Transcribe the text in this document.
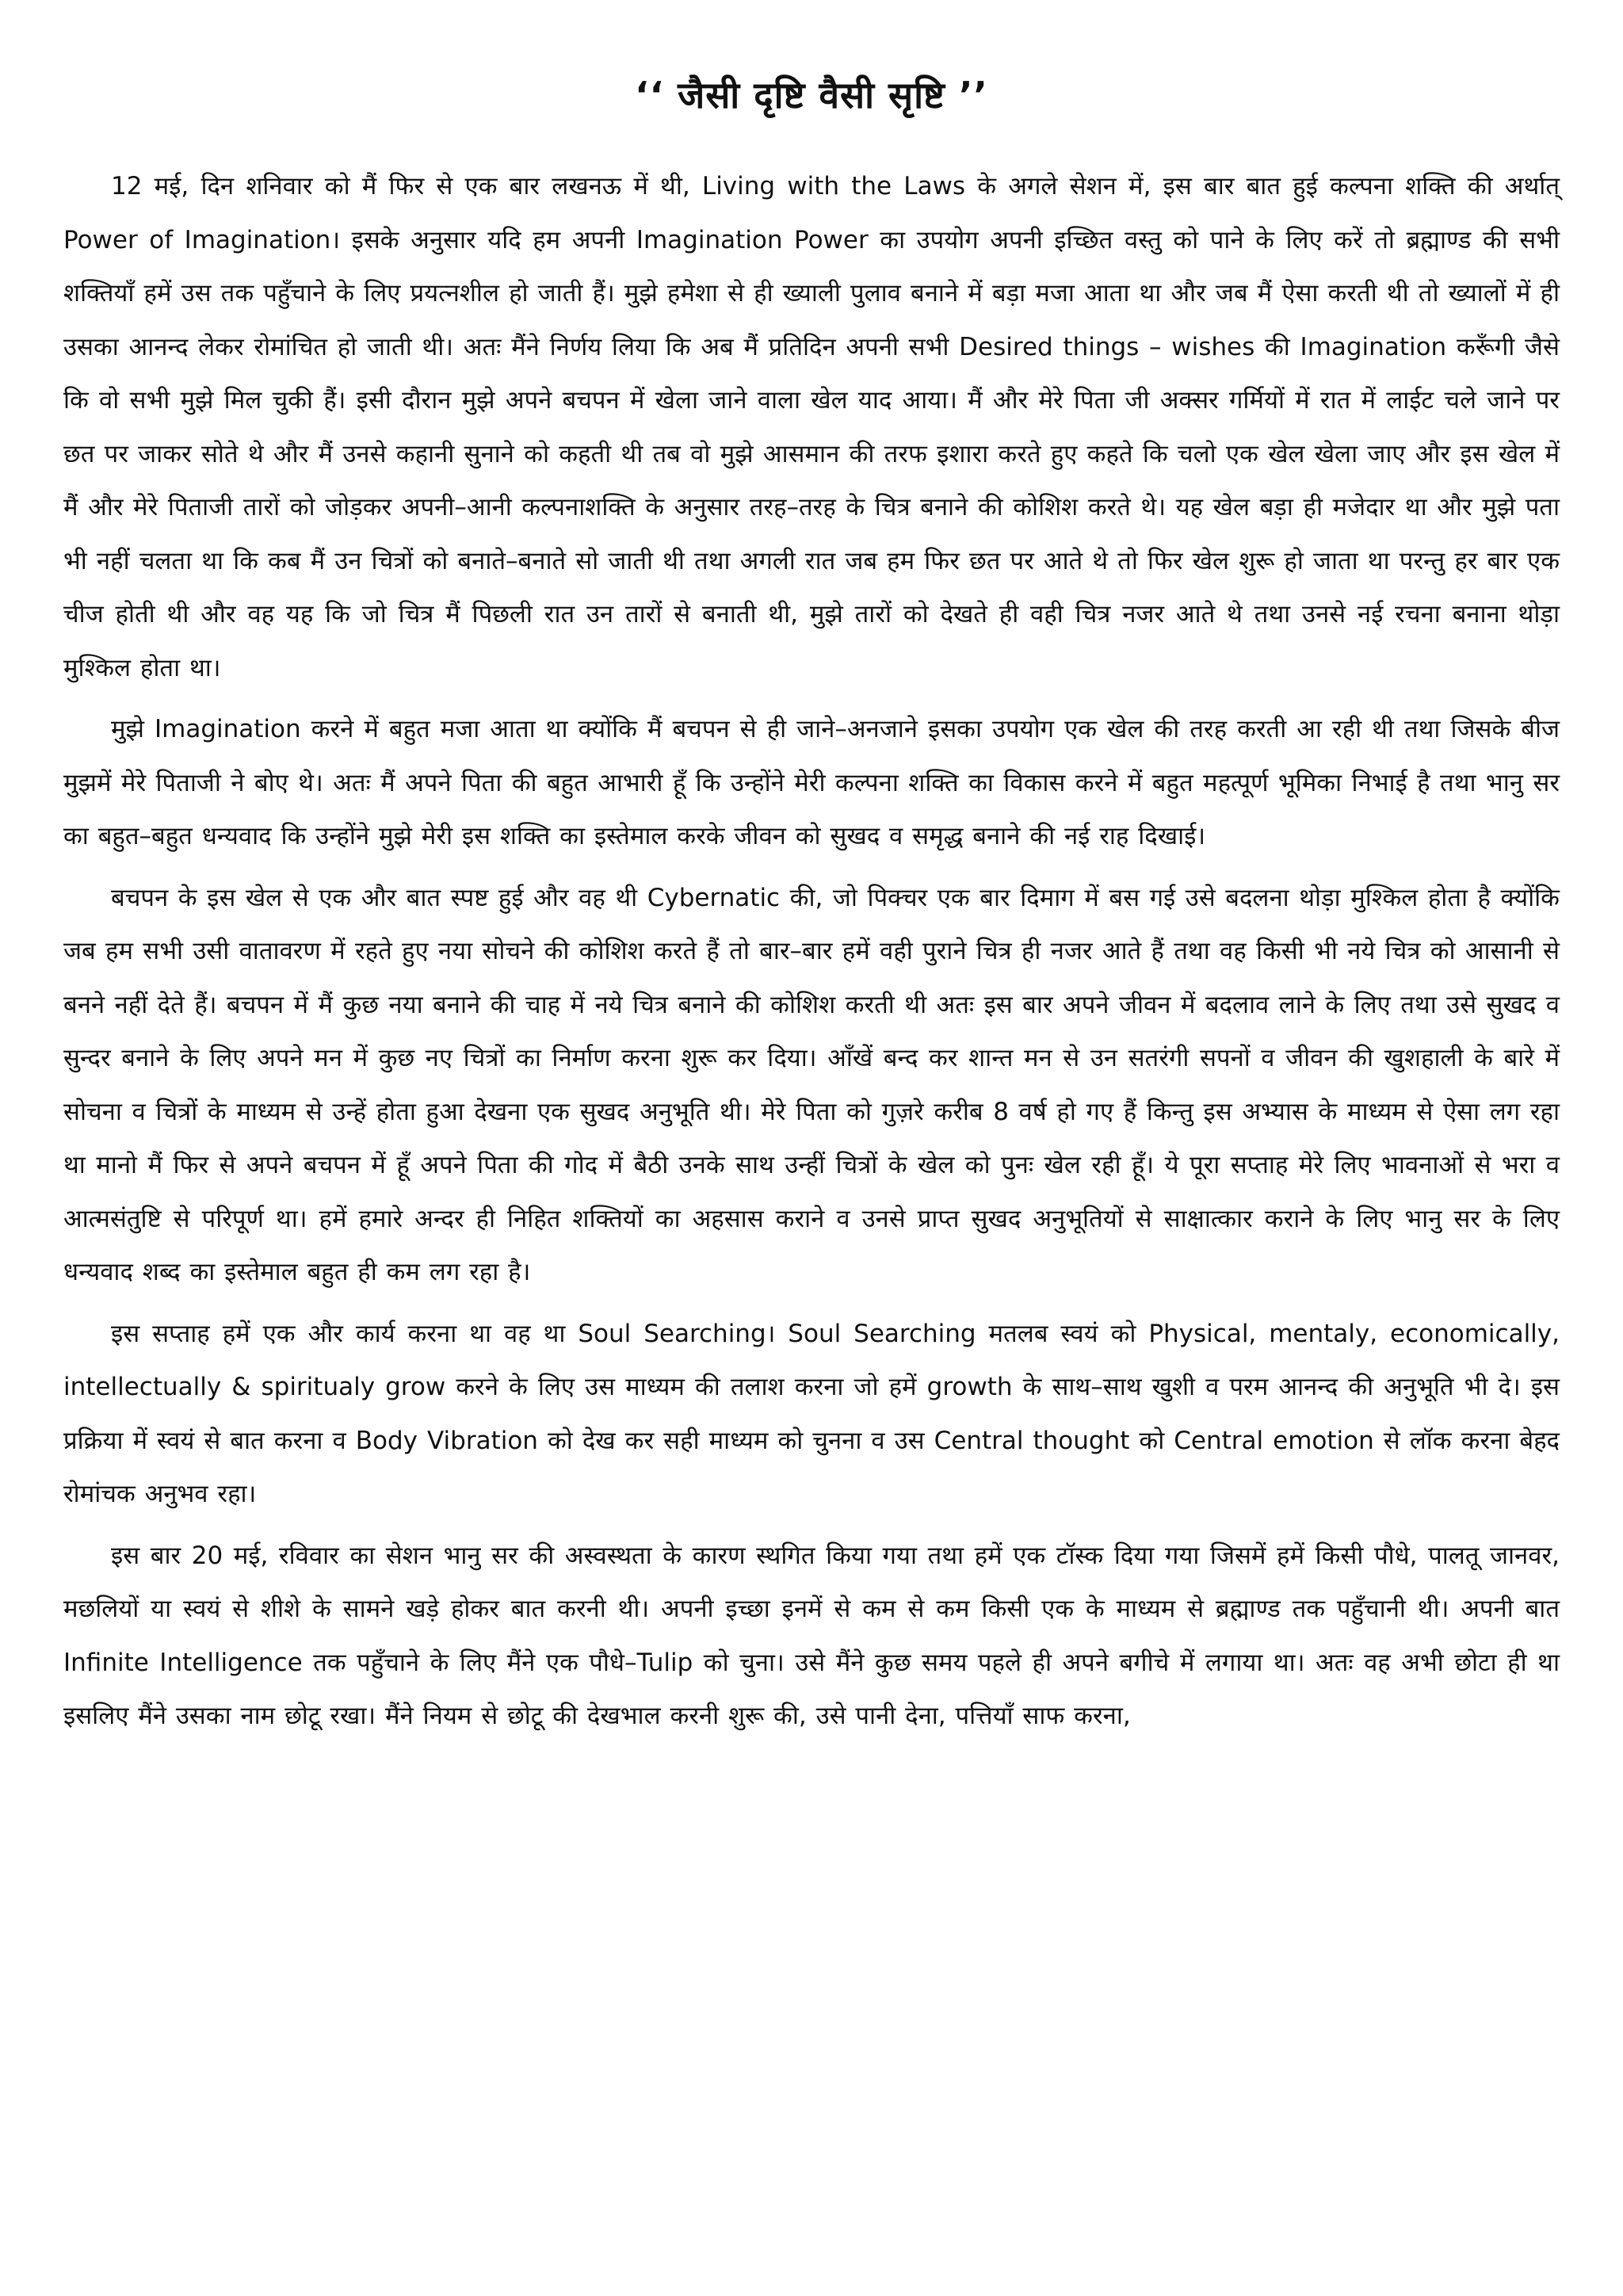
‘‘ जैसी दृष्टि वैसी सृष्टि ’’

12 मई, दिन शनिवार को मैं फिर से एक बार लखनऊ में थी, Living with the Laws के अगले सेशन में, इस बार बात हुई कल्पना शक्ति की अर्थात् Power of Imagination। इसके अनुसार यदि हम अपनी Imagination Power का उपयोग अपनी इच्छित वस्तु को पाने के लिए करें तो ब्रह्माण्ड की सभी शक्तियाँ हमें उस तक पहुँचाने के लिए प्रयत्नशील हो जाती हैं। मुझे हमेशा से ही ख्याली पुलाव बनाने में बड़ा मजा आता था और जब मैं ऐसा करती थी तो ख्यालों में ही उसका आनन्द लेकर रोमांचित हो जाती थी। अतः मैंने निर्णय लिया कि अब मैं प्रतिदिन अपनी सभी Desired things – wishes की Imagination करूँगी जैसे कि वो सभी मुझे मिल चुकी हैं। इसी दौरान मुझे अपने बचपन में खेला जाने वाला खेल याद आया। मैं और मेरे पिता जी अक्सर गर्मियों में रात में लाईट चले जाने पर छत पर जाकर सोते थे और मैं उनसे कहानी सुनाने को कहती थी तब वो मुझे आसमान की तरफ इशारा करते हुए कहते कि चलो एक खेल खेला जाए और इस खेल में मैं और मेरे पिताजी तारों को जोड़कर अपनी–आनी कल्पनाशक्ति के अनुसार तरह–तरह के चित्र बनाने की कोशिश करते थे। यह खेल बड़ा ही मजेदार था और मुझे पता भी नहीं चलता था कि कब मैं उन चित्रों को बनाते–बनाते सो जाती थी तथा अगली रात जब हम फिर छत पर आते थे तो फिर खेल शुरू हो जाता था परन्तु हर बार एक चीज होती थी और वह यह कि जो चित्र मैं पिछली रात उन तारों से बनाती थी, मुझे तारों को देखते ही वही चित्र नजर आते थे तथा उनसे नई रचना बनाना थोड़ा मुश्किल होता था।

मुझे Imagination करने में बहुत मजा आता था क्योंकि मैं बचपन से ही जाने–अनजाने इसका उपयोग एक खेल की तरह करती आ रही थी तथा जिसके बीज मुझमें मेरे पिताजी ने बोए थे। अतः मैं अपने पिता की बहुत आभारी हूँ कि उन्होंने मेरी कल्पना शक्ति का विकास करने में बहुत महत्पूर्ण भूमिका निभाई है तथा भानु सर का बहुत–बहुत धन्यवाद कि उन्होंने मुझे मेरी इस शक्ति का इस्तेमाल करके जीवन को सुखद व समृद्ध बनाने की नई राह दिखाई।

बचपन के इस खेल से एक और बात स्पष्ट हुई और वह थी Cybernatic की, जो पिक्चर एक बार दिमाग में बस गई उसे बदलना थोड़ा मुश्किल होता है क्योंकि जब हम सभी उसी वातावरण में रहते हुए नया सोचने की कोशिश करते हैं तो बार–बार हमें वही पुराने चित्र ही नजर आते हैं तथा वह किसी भी नये चित्र को आसानी से बनने नहीं देते हैं। बचपन में मैं कुछ नया बनाने की चाह में नये चित्र बनाने की कोशिश करती थी अतः इस बार अपने जीवन में बदलाव लाने के लिए तथा उसे सुखद व सुन्दर बनाने के लिए अपने मन में कुछ नए चित्रों का निर्माण करना शुरू कर दिया। आँखें बन्द कर शान्त मन से उन सतरंगी सपनों व जीवन की खुशहाली के बारे में सोचना व चित्रों के माध्यम से उन्हें होता हुआ देखना एक सुखद अनुभूति थी। मेरे पिता को गुज़रे करीब 8 वर्ष हो गए हैं किन्तु इस अभ्यास के माध्यम से ऐसा लग रहा था मानो मैं फिर से अपने बचपन में हूँ अपने पिता की गोद में बैठी उनके साथ उन्हीं चित्रों के खेल को पुनः खेल रही हूँ। ये पूरा सप्ताह मेरे लिए भावनाओं से भरा व आत्मसंतुष्टि से परिपूर्ण था। हमें हमारे अन्दर ही निहित शक्तियों का अहसास कराने व उनसे प्राप्त सुखद अनुभूतियों से साक्षात्कार कराने के लिए भानु सर के लिए धन्यवाद शब्द का इस्तेमाल बहुत ही कम लग रहा है।

इस सप्ताह हमें एक और कार्य करना था वह था Soul Searching। Soul Searching मतलब स्वयं को Physical, mentaly, economically, intellectually & spiritualy grow करने के लिए उस माध्यम की तलाश करना जो हमें growth के साथ–साथ खुशी व परम आनन्द की अनुभूति भी दे। इस प्रक्रिया में स्वयं से बात करना व Body Vibration को देख कर सही माध्यम को चुनना व उस Central thought को Central emotion से लॉक करना बेहद रोमांचक अनुभव रहा।

इस बार 20 मई, रविवार का सेशन भानु सर की अस्वस्थता के कारण स्थगित किया गया तथा हमें एक टॉस्क दिया गया जिसमें हमें किसी पौधे, पालतू जानवर, मछलियों या स्वयं से शीशे के सामने खड़े होकर बात करनी थी। अपनी इच्छा इनमें से कम से कम किसी एक के माध्यम से ब्रह्माण्ड तक पहुँचानी थी। अपनी बात Infinite Intelligence तक पहुँचाने के लिए मैंने एक पौधे–Tulip को चुना। उसे मैंने कुछ समय पहले ही अपने बगीचे में लगाया था। अतः वह अभी छोटा ही था इसलिए मैंने उसका नाम छोटू रखा। मैंने नियम से छोटू की देखभाल करनी शुरू की, उसे पानी देना, पत्तियाँ साफ करना,
